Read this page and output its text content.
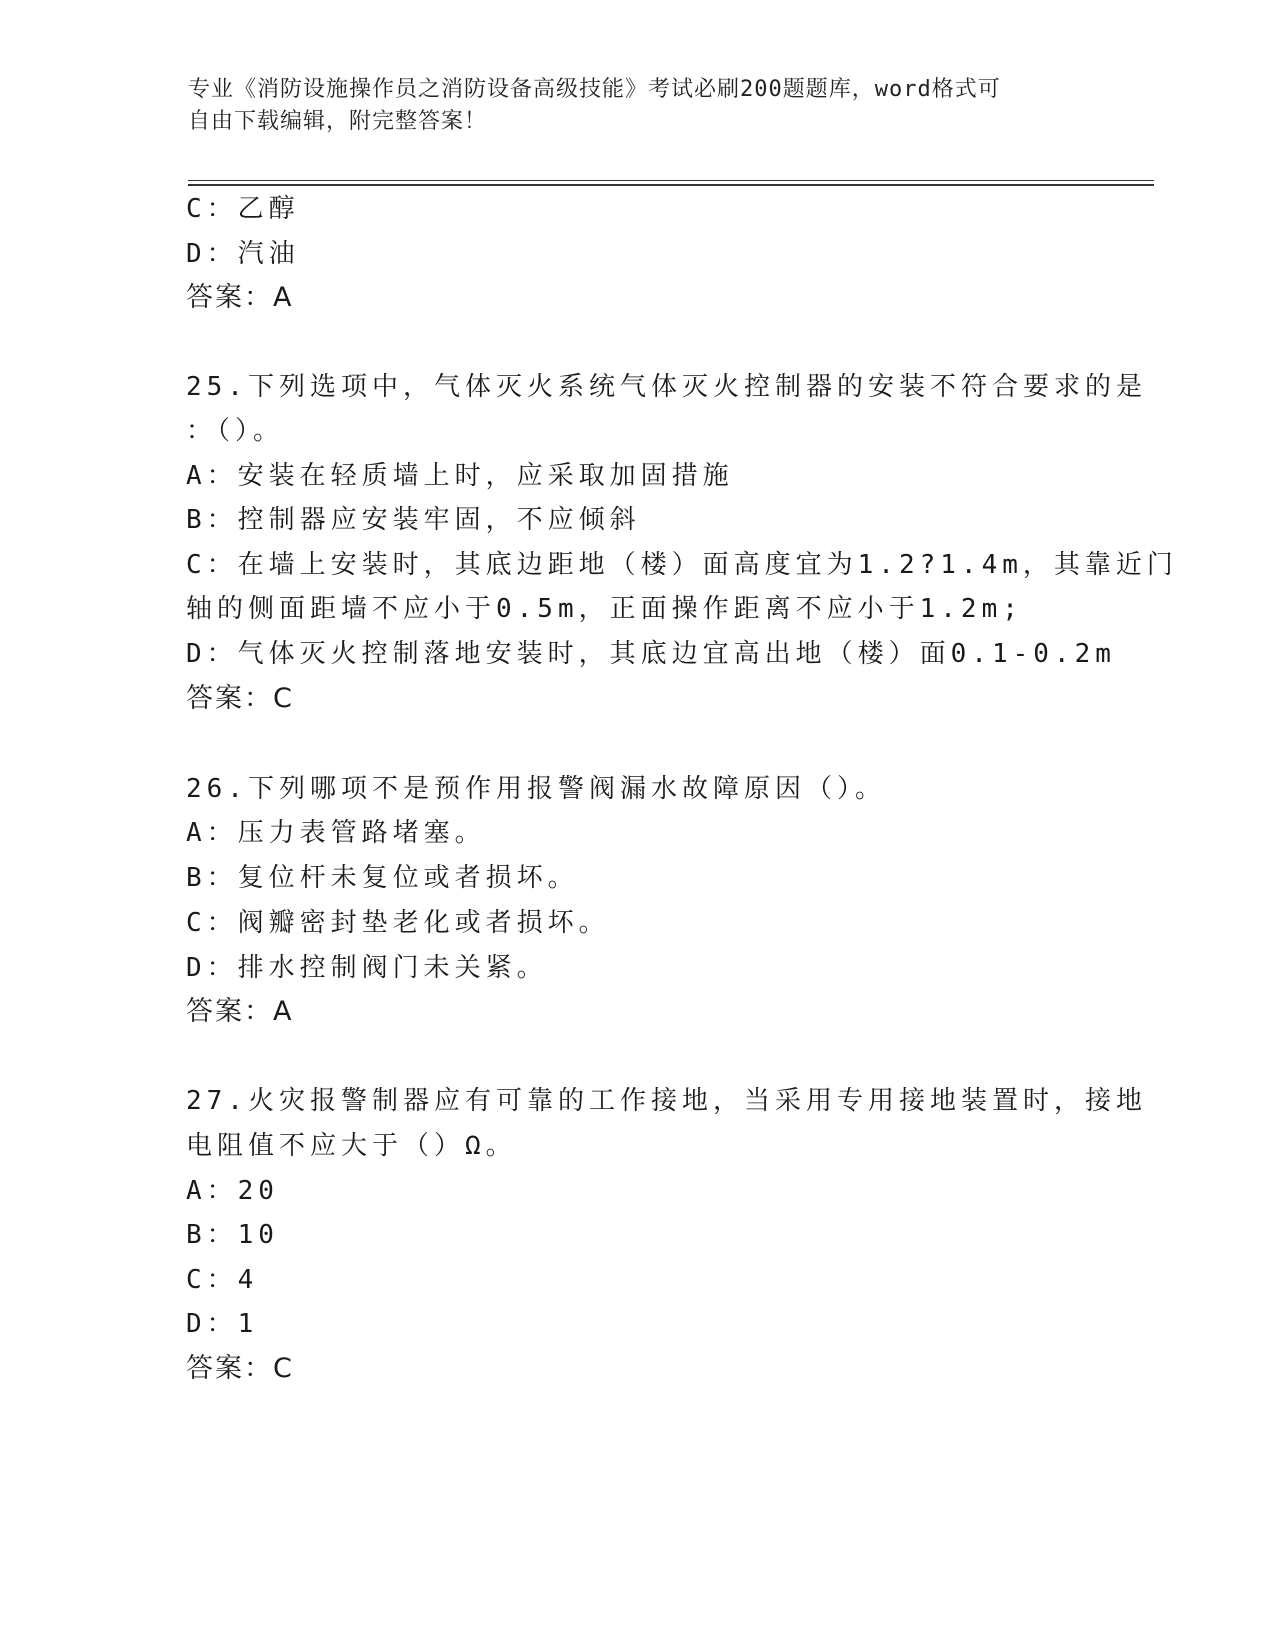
专业《消防设施操作员之消防设备高级技能》考试必刷200题题库，word格式可
自由下载编辑，附完整答案！
C：乙醇
D：汽油
答案：A
25.下列选项中，气体灭火系统气体灭火控制器的安装不符合要求的是
：（）。
A：安装在轻质墙上时，应采取加固措施
B：控制器应安装牢固，不应倾斜
C：在墙上安装时，其底边距地（楼）面高度宜为1.2?1.4m，其靠近门
轴的侧面距墙不应小于0.5m，正面操作距离不应小于1.2m;
D：气体灭火控制落地安装时，其底边宜高出地（楼）面0.1-0.2m
答案：C
26.下列哪项不是预作用报警阀漏水故障原因（）。
A：压力表管路堵塞。
B：复位杆未复位或者损坏。
C：阀瓣密封垫老化或者损坏。
D：排水控制阀门未关紧。
答案：A
27.火灾报警制器应有可靠的工作接地，当采用专用接地装置时，接地
电阻值不应大于（）Ω。
A：20
B：10
C：4
D：1
答案：C
